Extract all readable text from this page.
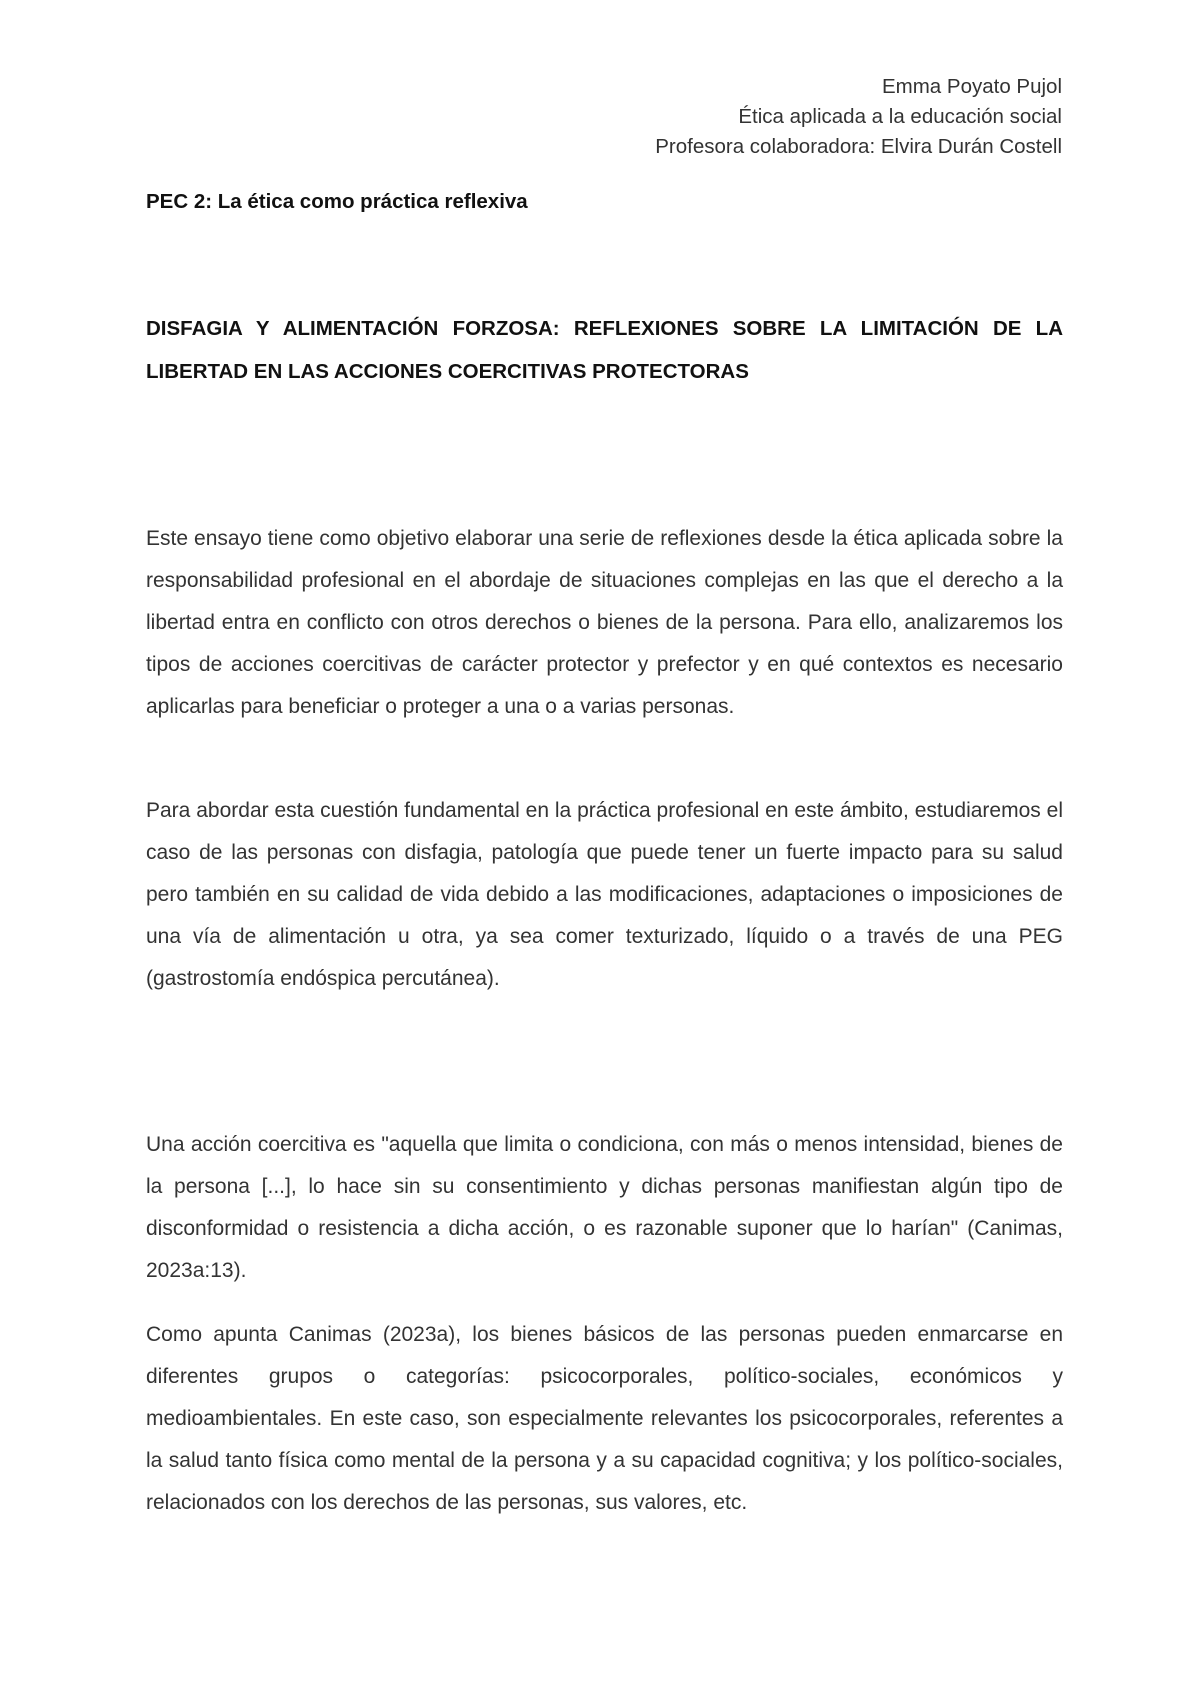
Emma Poyato Pujol
Ética aplicada a la educación social
Profesora colaboradora: Elvira Durán Costell
PEC 2: La ética como práctica reflexiva
DISFAGIA Y ALIMENTACIÓN FORZOSA: REFLEXIONES SOBRE LA LIMITACIÓN DE LA LIBERTAD EN LAS ACCIONES COERCITIVAS PROTECTORAS

Este ensayo tiene como objetivo elaborar una serie de reflexiones desde la ética aplicada sobre la responsabilidad profesional en el abordaje de situaciones complejas en las que el derecho a la libertad entra en conflicto con otros derechos o bienes de la persona. Para ello, analizaremos los tipos de acciones coercitivas de carácter protector y prefector y en qué contextos es necesario aplicarlas para beneficiar o proteger a una o a varias personas.

Para abordar esta cuestión fundamental en la práctica profesional en este ámbito, estudiaremos el caso de las personas con disfagia, patología que puede tener un fuerte impacto para su salud pero también en su calidad de vida debido a las modificaciones, adaptaciones o imposiciones de una vía de alimentación u otra, ya sea comer texturizado, líquido o a través de una PEG (gastrostomía endóspica percutánea).

Una acción coercitiva es "aquella que limita o condiciona, con más o menos intensidad, bienes de la persona [...], lo hace sin su consentimiento y dichas personas manifiestan algún tipo de disconformidad o resistencia a dicha acción, o es razonable suponer que lo harían" (Canimas, 2023a:13).

Como apunta Canimas (2023a), los bienes básicos de las personas pueden enmarcarse en diferentes grupos o categorías: psicocorporales, político-sociales, económicos y medioambientales. En este caso, son especialmente relevantes los psicocorporales, referentes a la salud tanto física como mental de la persona y a su capacidad cognitiva; y los político-sociales, relacionados con los derechos de las personas, sus valores, etc.
